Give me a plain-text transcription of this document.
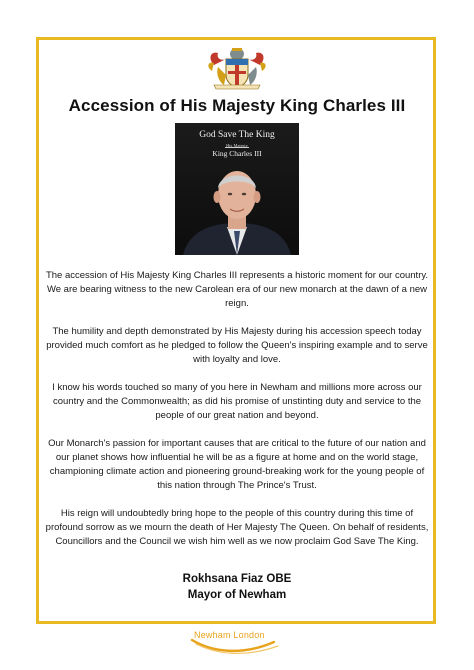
Accession of His Majesty King Charles III
God Save The King
His Majesty
King Charles III

The accession of His Majesty King Charles III represents a historic moment for our country. We are bearing witness to the new Carolean era of our new monarch at the dawn of a new reign.

The humility and depth demonstrated by His Majesty during his accession speech today provided much comfort as he pledged to follow the Queen's inspiring example and to serve with loyalty and love.

I know his words touched so many of you here in Newham and millions more across our country and the Commonwealth; as did his promise of unstinting duty and service to the people of our great nation and beyond.

Our Monarch's passion for important causes that are critical to the future of our nation and our planet shows how influential he will be as a figure at home and on the world stage, championing climate action and pioneering ground-breaking work for the young people of this nation through The Prince's Trust.

His reign will undoubtedly bring hope to the people of this country during this time of profound sorrow as we mourn the death of Her Majesty The Queen. On behalf of residents, Councillors and the Council we wish him well as we now proclaim God Save The King.

Rokhsana Fiaz OBE
Mayor of Newham
Newham London
